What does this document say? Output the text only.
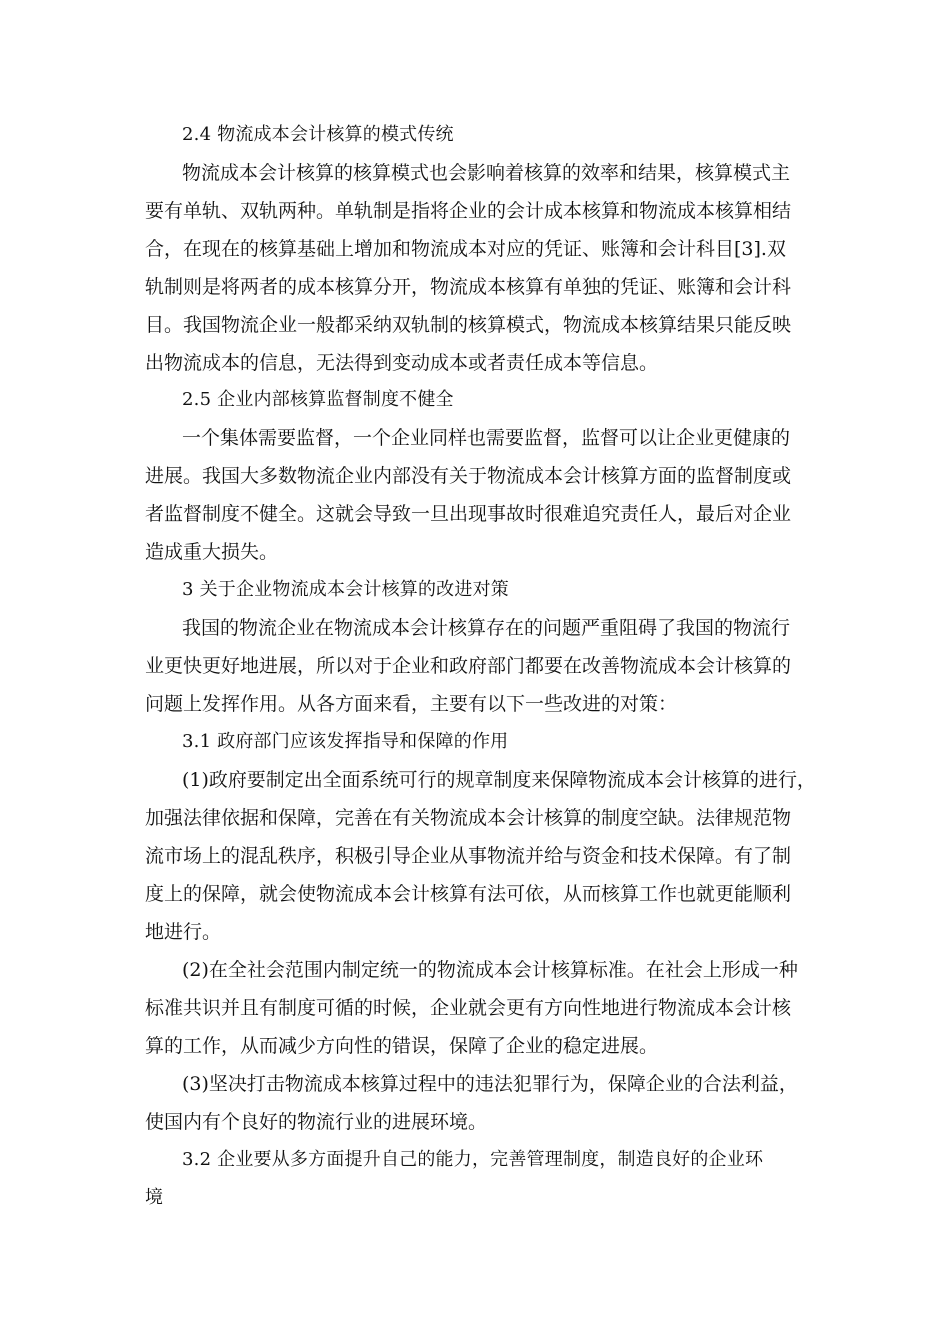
2.4 物流成本会计核算的模式传统
物流成本会计核算的核算模式也会影响着核算的效率和结果，核算模式主
要有单轨、双轨两种。单轨制是指将企业的会计成本核算和物流成本核算相结
合，在现在的核算基础上增加和物流成本对应的凭证、账簿和会计科目[3].双
轨制则是将两者的成本核算分开，物流成本核算有单独的凭证、账簿和会计科
目。我国物流企业一般都采纳双轨制的核算模式，物流成本核算结果只能反映
出物流成本的信息，无法得到变动成本或者责任成本等信息。
2.5 企业内部核算监督制度不健全
一个集体需要监督，一个企业同样也需要监督，监督可以让企业更健康的
进展。我国大多数物流企业内部没有关于物流成本会计核算方面的监督制度或
者监督制度不健全。这就会导致一旦出现事故时很难追究责任人，最后对企业
造成重大损失。
3 关于企业物流成本会计核算的改进对策
我国的物流企业在物流成本会计核算存在的问题严重阻碍了我国的物流行
业更快更好地进展，所以对于企业和政府部门都要在改善物流成本会计核算的
问题上发挥作用。从各方面来看，主要有以下一些改进的对策：
3.1 政府部门应该发挥指导和保障的作用
(1)政府要制定出全面系统可行的规章制度来保障物流成本会计核算的进行，
加强法律依据和保障，完善在有关物流成本会计核算的制度空缺。法律规范物
流市场上的混乱秩序，积极引导企业从事物流并给与资金和技术保障。有了制
度上的保障，就会使物流成本会计核算有法可依，从而核算工作也就更能顺利
地进行。
(2)在全社会范围内制定统一的物流成本会计核算标准。在社会上形成一种
标准共识并且有制度可循的时候，企业就会更有方向性地进行物流成本会计核
算的工作，从而减少方向性的错误，保障了企业的稳定进展。
(3)坚决打击物流成本核算过程中的违法犯罪行为，保障企业的合法利益，
使国内有个良好的物流行业的进展环境。
3.2 企业要从多方面提升自己的能力，完善管理制度，制造良好的企业环
境
